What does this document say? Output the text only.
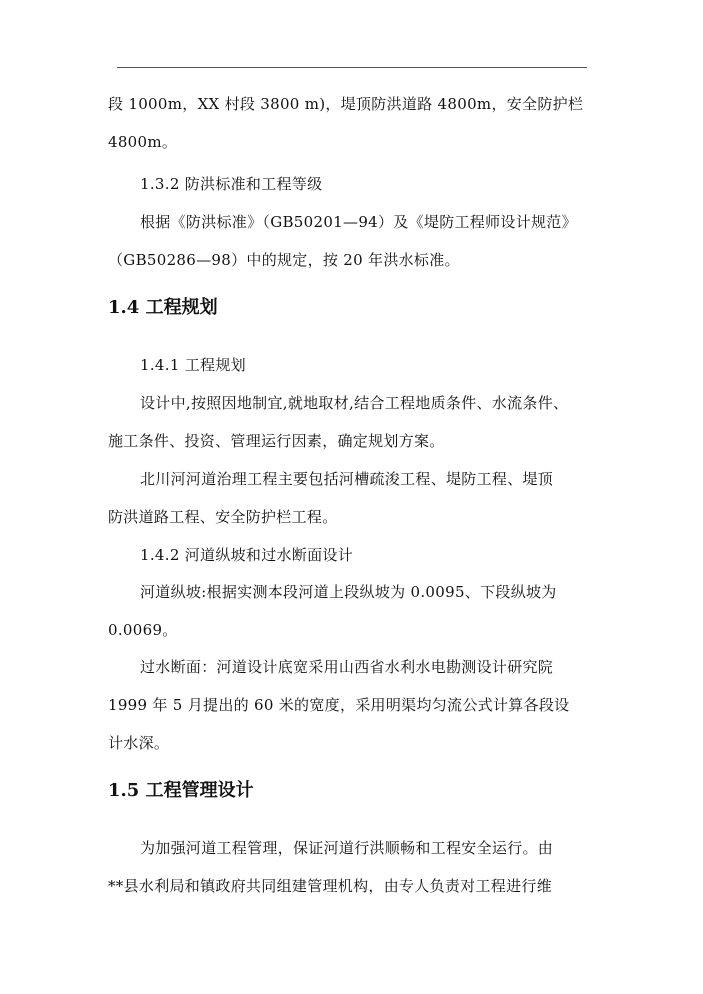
段 1000m，XX 村段 3800 m)，堤顶防洪道路 4800m，安全防护栏
4800m。
1.3.2 防洪标准和工程等级
根据《防洪标准》（GB50201—94）及《堤防工程师设计规范》
（GB50286—98）中的规定，按 20 年洪水标准。
1.4 工程规划
1.4.1 工程规划
设计中,按照因地制宜,就地取材,结合工程地质条件、水流条件、
施工条件、投资、管理运行因素，确定规划方案。
北川河河道治理工程主要包括河槽疏浚工程、堤防工程、堤顶
防洪道路工程、安全防护栏工程。
1.4.2 河道纵坡和过水断面设计
河道纵坡:根据实测本段河道上段纵坡为 0.0095、下段纵坡为
0.0069。
过水断面：河道设计底宽采用山西省水利水电勘测设计研究院
1999 年 5 月提出的 60 米的宽度，采用明渠均匀流公式计算各段设
计水深。
1.5 工程管理设计
为加强河道工程管理，保证河道行洪顺畅和工程安全运行。由
**县水利局和镇政府共同组建管理机构，由专人负责对工程进行维
